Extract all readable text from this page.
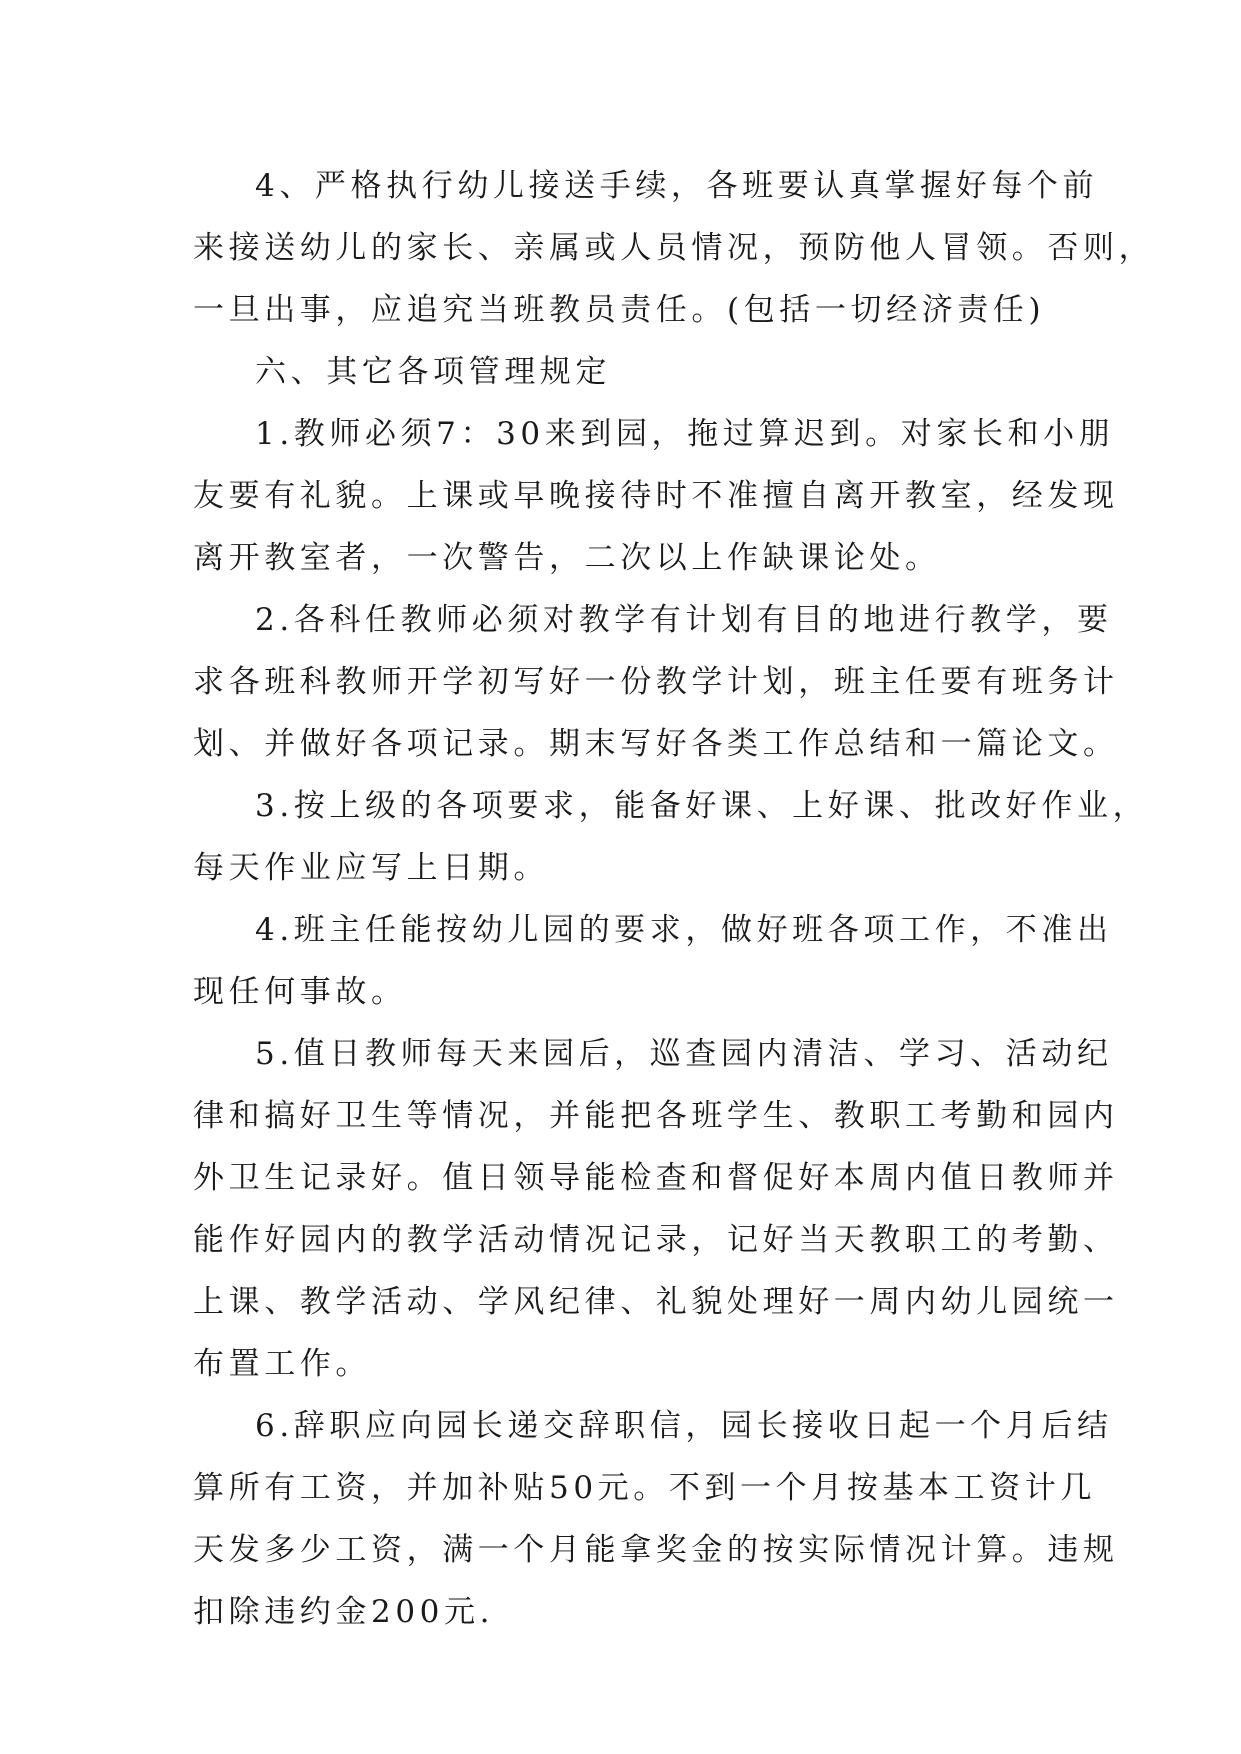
4、严格执行幼儿接送手续，各班要认真掌握好每个前
来接送幼儿的家长、亲属或人员情况，预防他人冒领。否则，
一旦出事，应追究当班教员责任。(包括一切经济责任)
六、其它各项管理规定
1.教师必须7：30来到园，拖过算迟到。对家长和小朋
友要有礼貌。上课或早晚接待时不准擅自离开教室，经发现
离开教室者，一次警告，二次以上作缺课论处。
2.各科任教师必须对教学有计划有目的地进行教学，要
求各班科教师开学初写好一份教学计划，班主任要有班务计
划、并做好各项记录。期末写好各类工作总结和一篇论文。
3.按上级的各项要求，能备好课、上好课、批改好作业，
每天作业应写上日期。
4.班主任能按幼儿园的要求，做好班各项工作，不准出
现任何事故。
5.值日教师每天来园后，巡查园内清洁、学习、活动纪
律和搞好卫生等情况，并能把各班学生、教职工考勤和园内
外卫生记录好。值日领导能检查和督促好本周内值日教师并
能作好园内的教学活动情况记录，记好当天教职工的考勤、
上课、教学活动、学风纪律、礼貌处理好一周内幼儿园统一
布置工作。
6.辞职应向园长递交辞职信，园长接收日起一个月后结
算所有工资，并加补贴50元。不到一个月按基本工资计几
天发多少工资，满一个月能拿奖金的按实际情况计算。违规
扣除违约金200元.
